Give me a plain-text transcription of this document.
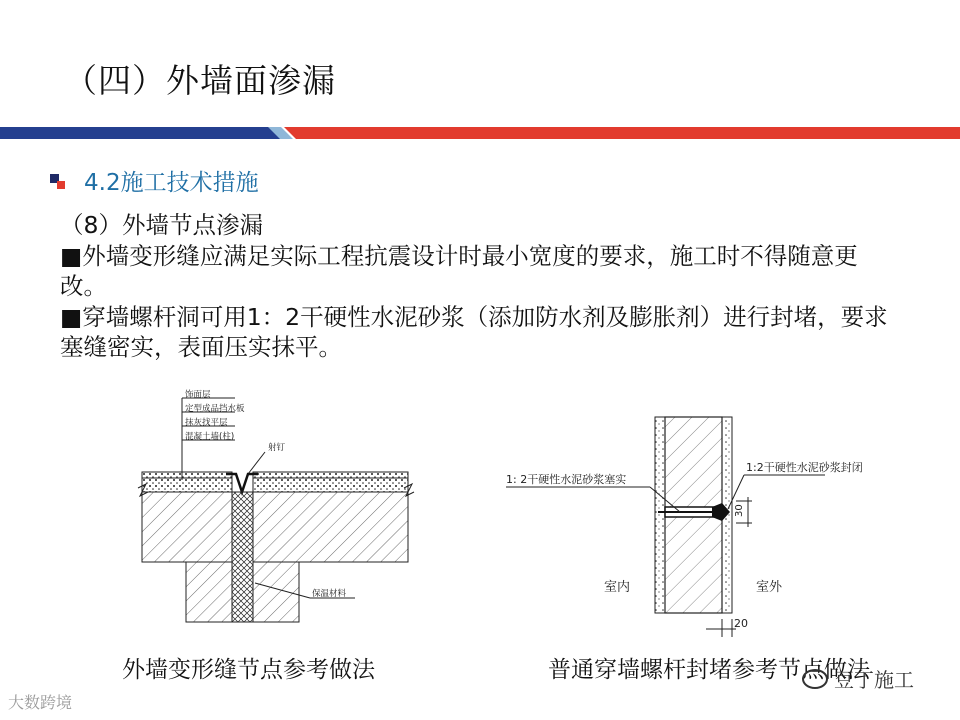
（四）外墙面渗漏
4.2施工技术措施

（8）外墙节点渗漏

■外墙变形缝应满足实际工程抗震设计时最小宽度的要求，施工时不得随意更改。

■穿墙螺杆洞可用1：2干硬性水泥砂浆（添加防水剂及膨胀剂）进行封堵，要求塞缝密实，表面压实抹平。

饰面层
定型成品挡水板
抹灰找平层
混凝土墙(柱)
射钉
保温材料
1: 2干硬性水泥砂浆塞实
1:2干硬性水泥砂浆封闭
30
室内	室外
20
外墙变形缝节点参考做法	普通穿墙螺杆封堵参考节点做法
大数跨境
豆丁施工
